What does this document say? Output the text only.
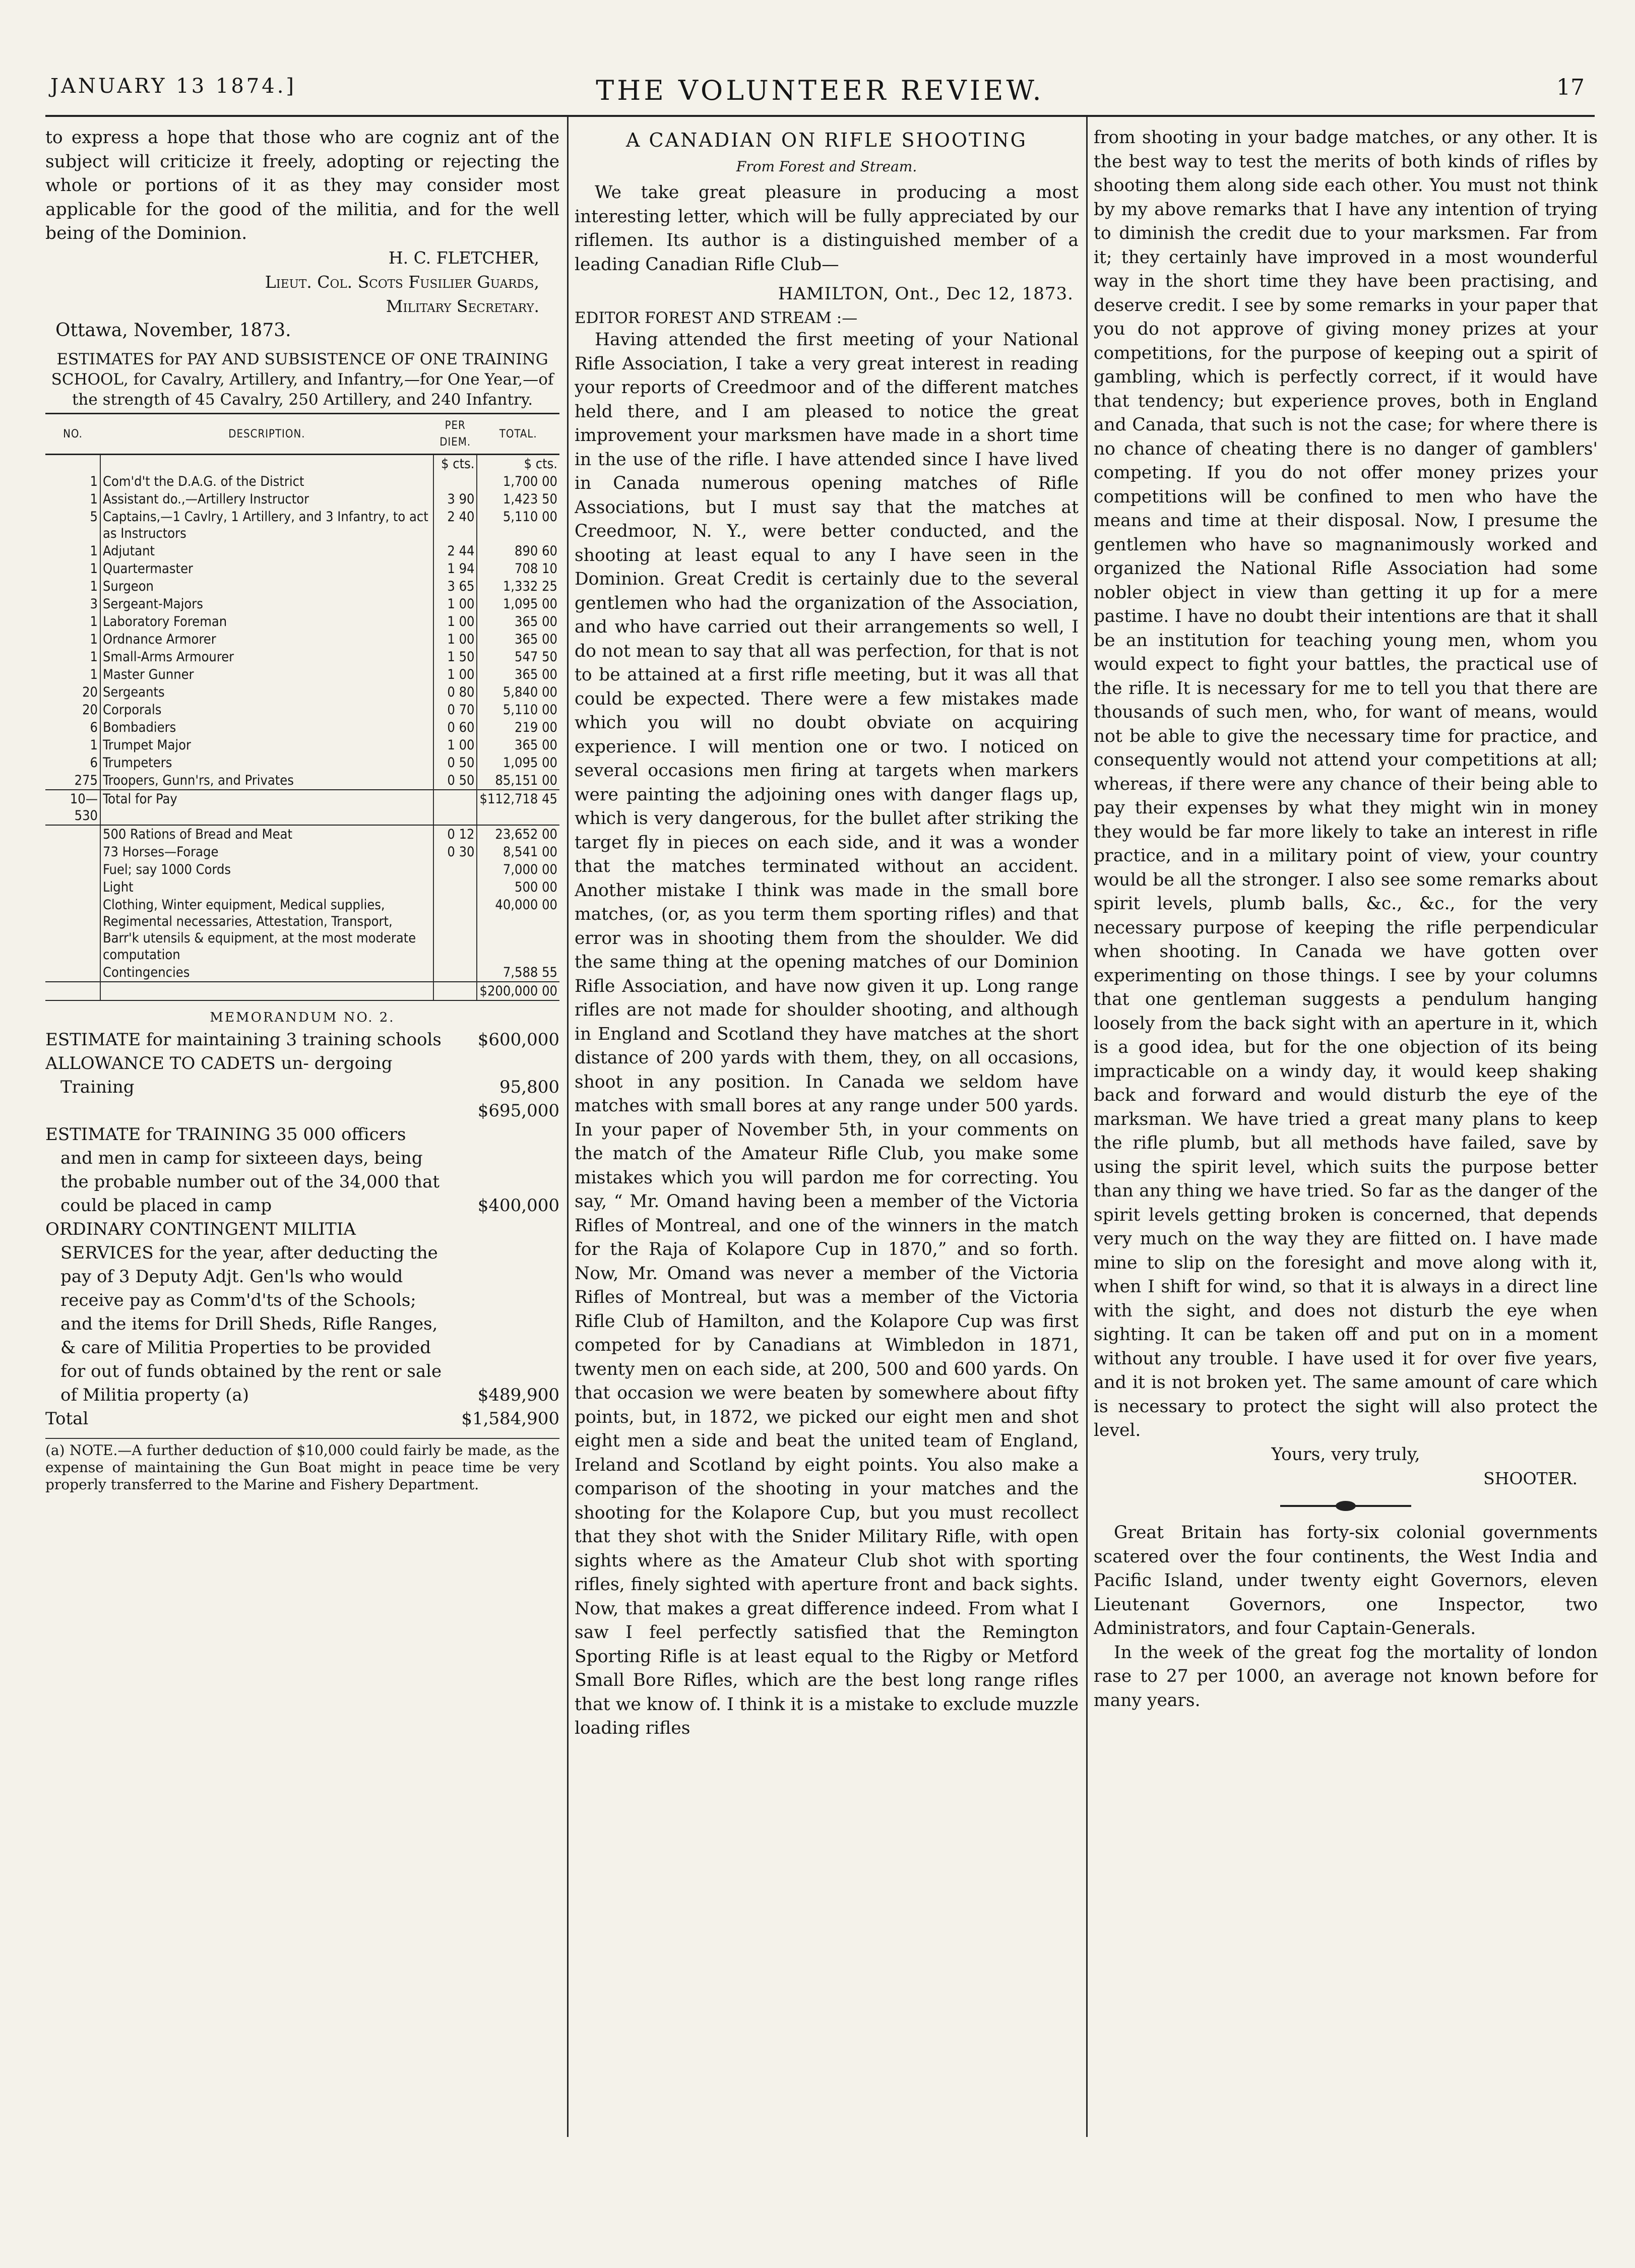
JANUARY 13 1874.]	THE VOLUNTEER REVIEW.	17

to express a hope that those who are cogniz ant of the subject will criticize it freely, adopting or rejecting the whole or portions of it as they may consider most applicable for the good of the militia, and for the well being of the Dominion.

H. C. FLETCHER,

Lieut. Col. Scots Fusilier Guards,

Military Secretary.

Ottawa, November, 1873.

ESTIMATES for PAY AND SUBSISTENCE OF ONE TRAINING SCHOOL, for Cavalry, Artillery, and Infantry,—for One Year,—of the strength of 45 Cavalry, 250 Artillery, and 240 Infantry.

NO.	DESCRIPTION.	PER DIEM.	TOTAL.
		$ cts.	$ cts.
1	Com'd't the D.A.G. of the District		1,700 00
1	Assistant do.,—Artillery Instructor	3 90	1,423 50
5	Captains,—1 Cavlry, 1 Artillery, and 3 Infantry, to act as Instructors	2 40	5,110 00
1	Adjutant	2 44	890 60
1	Quartermaster	1 94	708 10
1	Surgeon	3 65	1,332 25
3	Sergeant-Majors	1 00	1,095 00
1	Laboratory Foreman	1 00	365 00
1	Ordnance Armorer	1 00	365 00
1	Small-Arms Armourer	1 50	547 50
1	Master Gunner	1 00	365 00
20	Sergeants	0 80	5,840 00
20	Corporals	0 70	5,110 00
6	Bombadiers	0 60	219 00
1	Trumpet Major	1 00	365 00
6	Trumpeters	0 50	1,095 00
275	Troopers, Gunn'rs, and Privates	0 50	85,151 00
10—530	Total for Pay		$112,718 45
	500 Rations of Bread and Meat	0 12	23,652 00
	73 Horses—Forage	0 30	8,541 00
	Fuel; say 1000 Cords		7,000 00
	Light		500 00
	Clothing, Winter equipment, Medical supplies, Regimental necessaries, Attestation, Transport, Barr'k utensils & equipment, at the most moderate computation		40,000 00
	Contingencies		7,588 55
			$200,000 00

MEMORANDUM NO. 2.

ESTIMATE for maintaining 3 training schools	$600,000

ALLOWANCE TO CADETS un- dergoing Training	95,800

$695,000

ESTIMATE for TRAINING 35 000 officers and men in camp for sixteeen days, being the probable number out of the 34,000 that could be placed in camp	$400,000

ORDINARY CONTINGENT MILITIA SERVICES for the year, after deducting the pay of 3 Deputy Adjt. Gen'ls who would receive pay as Comm'd'ts of the Schools; and the items for Drill Sheds, Rifle Ranges, & care of Militia Properties to be provided for out of funds obtained by the rent or sale of Militia property (a)	$489,900

Total	$1,584,900

(a) NOTE.—A further deduction of $10,000 could fairly be made, as the expense of maintaining the Gun Boat might in peace time be very properly transferred to the Marine and Fishery Department.

A CANADIAN ON RIFLE SHOOTING

From Forest and Stream.

We take great pleasure in producing a most interesting letter, which will be fully appreciated by our riflemen. Its author is a distinguished member of a leading Canadian Rifle Club—

HAMILTON, Ont., Dec 12, 1873.

EDITOR FOREST AND STREAM :—

Having attended the first meeting of your National Rifle Association, I take a very great interest in reading your reports of Creedmoor and of the different matches held there, and I am pleased to notice the great improvement your marksmen have made in a short time in the use of the rifle. I have attended since I have lived in Canada numerous opening matches of Rifle Associations, but I must say that the matches at Creedmoor, N. Y., were better conducted, and the shooting at least equal to any I have seen in the Dominion. Great Credit is certainly due to the several gentlemen who had the organization of the Association, and who have carried out their arrangements so well, I do not mean to say that all was perfection, for that is not to be attained at a first rifle meeting, but it was all that could be expected. There were a few mistakes made which you will no doubt obviate on acquiring experience. I will mention one or two. I noticed on several occasions men firing at targets when markers were painting the adjoining ones with danger flags up, which is very dangerous, for the bullet after striking the target fly in pieces on each side, and it was a wonder that the matches terminated without an accident. Another mistake I think was made in the small bore matches, (or, as you term them sporting rifles) and that error was in shooting them from the shoulder. We did the same thing at the opening matches of our Dominion Rifle Association, and have now given it up. Long range rifles are not made for shoulder shooting, and although in England and Scotland they have matches at the short distance of 200 yards with them, they, on all occasions, shoot in any position. In Canada we seldom have matches with small bores at any range under 500 yards. In your paper of November 5th, in your comments on the match of the Amateur Rifle Club, you make some mistakes which you will pardon me for correcting. You say, “ Mr. Omand having been a member of the Victoria Rifles of Montreal, and one of the winners in the match for the Raja of Kolapore Cup in 1870,” and so forth. Now, Mr. Omand was never a member of the Victoria Rifles of Montreal, but was a member of the Victoria Rifle Club of Hamilton, and the Kolapore Cup was first competed for by Canadians at Wimbledon in 1871, twenty men on each side, at 200, 500 and 600 yards. On that occasion we were beaten by somewhere about fifty points, but, in 1872, we picked our eight men and shot eight men a side and beat the united team of England, Ireland and Scotland by eight points. You also make a comparison of the shooting in your matches and the shooting for the Kolapore Cup, but you must recollect that they shot with the Snider Military Rifle, with open sights where as the Amateur Club shot with sporting rifles, finely sighted with aperture front and back sights. Now, that makes a great difference indeed. From what I saw I feel perfectly satisfied that the Remington Sporting Rifle is at least equal to the Rigby or Metford Small Bore Rifles, which are the best long range rifles that we know of. I think it is a mistake to exclude muzzle loading rifles

from shooting in your badge matches, or any other. It is the best way to test the merits of both kinds of rifles by shooting them along side each other. You must not think by my above remarks that I have any intention of trying to diminish the credit due to your marksmen. Far from it; they certainly have improved in a most wounderful way in the short time they have been practising, and deserve credit. I see by some remarks in your paper that you do not approve of giving money prizes at your competitions, for the purpose of keeping out a spirit of gambling, which is perfectly correct, if it would have that tendency; but experience proves, both in England and Canada, that such is not the case; for where there is no chance of cheating there is no danger of gamblers' competing. If you do not offer money prizes your competitions will be confined to men who have the means and time at their disposal. Now, I presume the gentlemen who have so magnanimously worked and organized the National Rifle Association had some nobler object in view than getting it up for a mere pastime. I have no doubt their intentions are that it shall be an institution for teaching young men, whom you would expect to fight your battles, the practical use of the rifle. It is necessary for me to tell you that there are thousands of such men, who, for want of means, would not be able to give the necessary time for practice, and consequently would not attend your competitions at all; whereas, if there were any chance of their being able to pay their expenses by what they might win in money they would be far more likely to take an interest in rifle practice, and in a military point of view, your country would be all the stronger. I also see some remarks about spirit levels, plumb balls, &c., &c., for the very necessary purpose of keeping the rifle perpendicular when shooting. In Canada we have gotten over experimenting on those things. I see by your columns that one gentleman suggests a pendulum hanging loosely from the back sight with an aperture in it, which is a good idea, but for the one objection of its being impracticable on a windy day, it would keep shaking back and forward and would disturb the eye of the marksman. We have tried a great many plans to keep the rifle plumb, but all methods have failed, save by using the spirit level, which suits the purpose better than any thing we have tried. So far as the danger of the spirit levels getting broken is concerned, that depends very much on the way they are fiitted on. I have made mine to slip on the foresight and move along with it, when I shift for wind, so that it is always in a direct line with the sight, and does not disturb the eye when sighting. It can be taken off and put on in a moment without any trouble. I have used it for over five years, and it is not broken yet. The same amount of care which is necessary to protect the sight will also protect the level.

Yours, very truly,

SHOOTER.

Great Britain has forty-six colonial governments scatered over the four continents, the West India and Pacific Island, under twenty eight Governors, eleven Lieutenant Governors, one Inspector, two Administrators, and four Captain-Generals.

In the week of the great fog the mortality of london rase to 27 per 1000, an average not known before for many years.
